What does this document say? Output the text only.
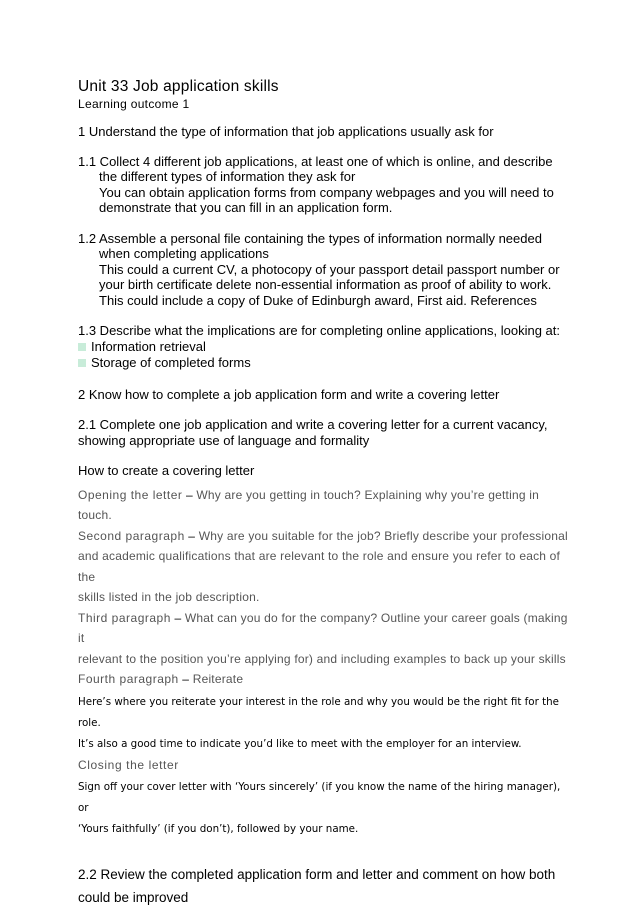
Unit 33 Job application skills

Learning outcome 1

1 Understand the type of information that job applications usually ask for

1.1 Collect 4 different job applications, at least one of which is online, and describe

the different types of information they ask for

You can obtain application forms from company webpages and you will need to

demonstrate that you can fill in an application form.

1.2 Assemble a personal file containing the types of information normally needed

when completing applications

This could a current CV, a photocopy of your passport detail passport number or

your birth certificate delete non-essential information as proof of ability to work.

This could include a copy of Duke of Edinburgh award, First aid. References

1.3 Describe what the implications are for completing online applications, looking at:

Information retrieval
Storage of completed forms

2 Know how to complete a job application form and write a covering letter

2.1 Complete one job application and write a covering letter for a current vacancy,

showing appropriate use of language and formality

How to create a covering letter

Opening the letter – Why are you getting in touch? Explaining why you’re getting in touch.

Second paragraph – Why are you suitable for the job? Briefly describe your professional

and academic qualifications that are relevant to the role and ensure you refer to each of the

skills listed in the job description.

Third paragraph – What can you do for the company? Outline your career goals (making it

relevant to the position you’re applying for) and including examples to back up your skills

Fourth paragraph – Reiterate

Here’s where you reiterate your interest in the role and why you would be the right fit for the role.

It’s also a good time to indicate you’d like to meet with the employer for an interview.

Closing the letter

Sign off your cover letter with ‘Yours sincerely’ (if you know the name of the hiring manager), or

‘Yours faithfully’ (if you don’t), followed by your name.

2.2 Review the completed application form and letter and comment on how both

could be improved
